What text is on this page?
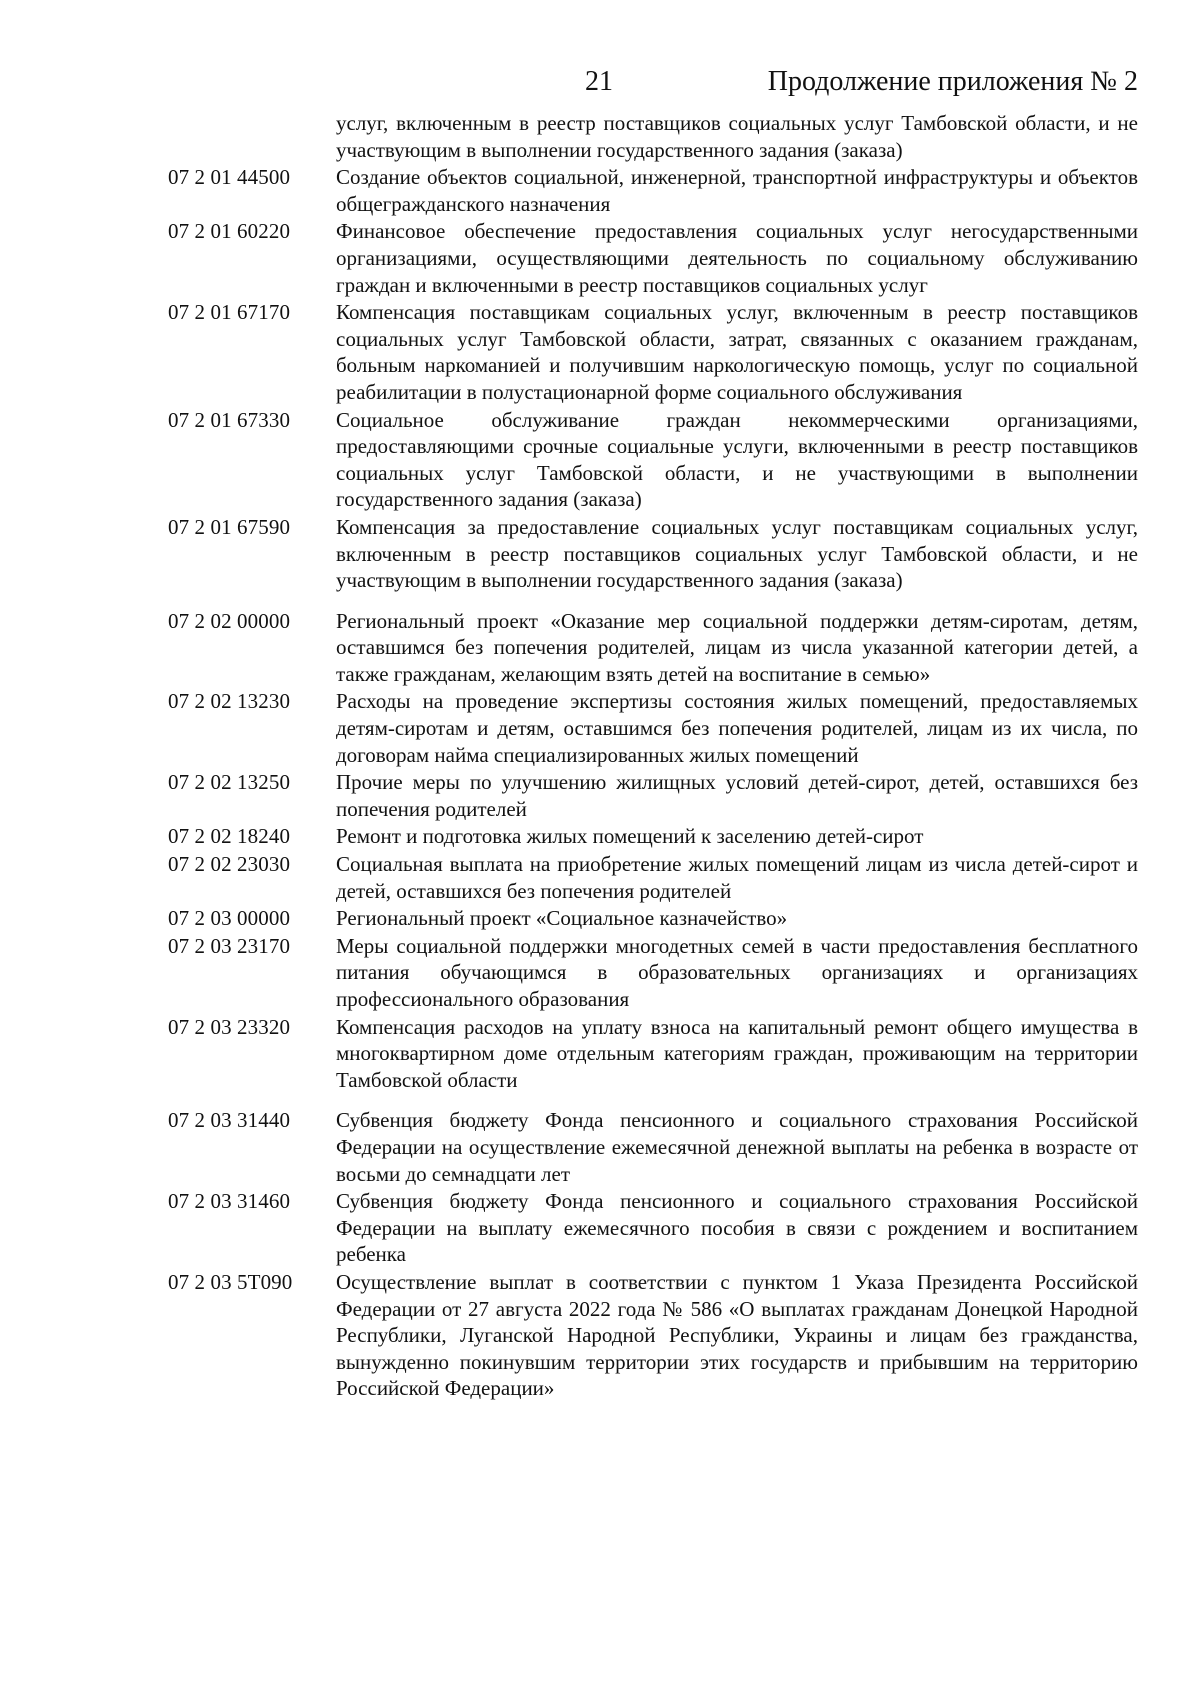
21	Продолжение приложения № 2
услуг, включенным в реестр поставщиков социальных услуг Тамбовской области, и не участвующим в выполнении государственного задания (заказа)
07 2 01 44500	Создание объектов социальной, инженерной, транспортной инфраструктуры и объектов общегражданского назначения
07 2 01 60220	Финансовое обеспечение предоставления социальных услуг негосударственными организациями, осуществляющими деятельность по социальному обслуживанию граждан и включенными в реестр поставщиков социальных услуг
07 2 01 67170	Компенсация поставщикам социальных услуг, включенным в реестр поставщиков социальных услуг Тамбовской области, затрат, связанных с оказанием гражданам, больным наркоманией и получившим наркологическую помощь, услуг по социальной реабилитации в полустационарной форме социального обслуживания
07 2 01 67330	Социальное обслуживание граждан некоммерческими организациями, предоставляющими срочные социальные услуги, включенными в реестр поставщиков социальных услуг Тамбовской области, и не участвующими в выполнении государственного задания (заказа)
07 2 01 67590	Компенсация за предоставление социальных услуг поставщикам социальных услуг, включенным в реестр поставщиков социальных услуг Тамбовской области, и не участвующим в выполнении государственного задания (заказа)
07 2 02 00000	Региональный проект «Оказание мер социальной поддержки детям-сиротам, детям, оставшимся без попечения родителей, лицам из числа указанной категории детей, а также гражданам, желающим взять детей на воспитание в семью»
07 2 02 13230	Расходы на проведение экспертизы состояния жилых помещений, предоставляемых детям-сиротам и детям, оставшимся без попечения родителей, лицам из их числа, по договорам найма специализированных жилых помещений
07 2 02 13250	Прочие меры по улучшению жилищных условий детей-сирот, детей, оставшихся без попечения родителей
07 2 02 18240	Ремонт и подготовка жилых помещений к заселению детей-сирот
07 2 02 23030	Социальная выплата на приобретение жилых помещений лицам из числа детей-сирот и детей, оставшихся без попечения родителей
07 2 03 00000	Региональный проект «Социальное казначейство»
07 2 03 23170	Меры социальной поддержки многодетных семей в части предоставления бесплатного питания обучающимся в образовательных организациях и организациях профессионального образования
07 2 03 23320	Компенсация расходов на уплату взноса на капитальный ремонт общего имущества в многоквартирном доме отдельным категориям граждан, проживающим на территории Тамбовской области
07 2 03 31440	Субвенция бюджету Фонда пенсионного и социального страхования Российской Федерации на осуществление ежемесячной денежной выплаты на ребенка в возрасте от восьми до семнадцати лет
07 2 03 31460	Субвенция бюджету Фонда пенсионного и социального страхования Российской Федерации на выплату ежемесячного пособия в связи с рождением и воспитанием ребенка
07 2 03 5Т090	Осуществление выплат в соответствии с пунктом 1 Указа Президента Российской Федерации от 27 августа 2022 года № 586 «О выплатах гражданам Донецкой Народной Республики, Луганской Народной Республики, Украины и лицам без гражданства, вынужденно покинувшим территории этих государств и прибывшим на территорию Российской Федерации»
